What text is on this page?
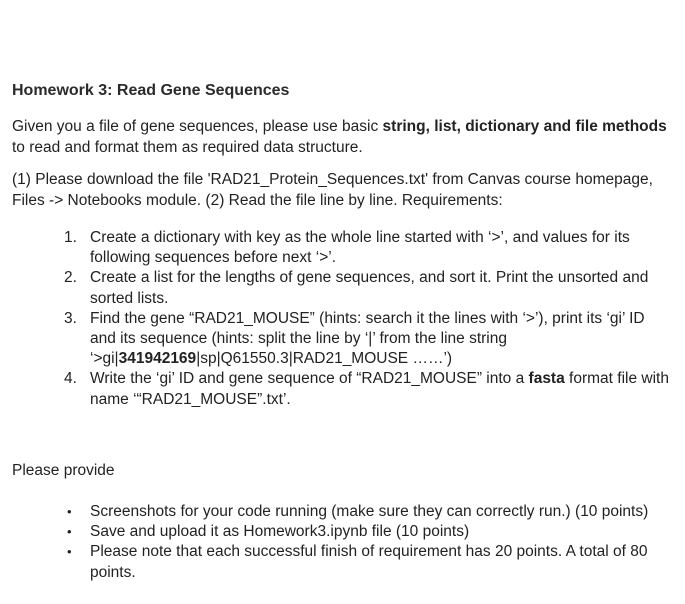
Homework 3: Read Gene Sequences
Given you a file of gene sequences, please use basic string, list, dictionary and file methods to read and format them as required data structure.
(1) Please download the file 'RAD21_Protein_Sequences.txt' from Canvas course homepage, Files -> Notebooks module. (2) Read the file line by line. Requirements:
1. Create a dictionary with key as the whole line started with ‘>’, and values for its following sequences before next ‘>’.
2. Create a list for the lengths of gene sequences, and sort it. Print the unsorted and sorted lists.
3. Find the gene “RAD21_MOUSE” (hints: search it the lines with ‘>’), print its ‘gi’ ID and its sequence (hints: split the line by ‘|’ from the line string ‘>gi|341942169|sp|Q61550.3|RAD21_MOUSE ……’)
4. Write the ‘gi’ ID and gene sequence of “RAD21_MOUSE” into a fasta format file with name ‘“RAD21_MOUSE”.txt’.
Please provide
• Screenshots for your code running (make sure they can correctly run.) (10 points)
• Save and upload it as Homework3.ipynb file (10 points)
• Please note that each successful finish of requirement has 20 points. A total of 80 points.
